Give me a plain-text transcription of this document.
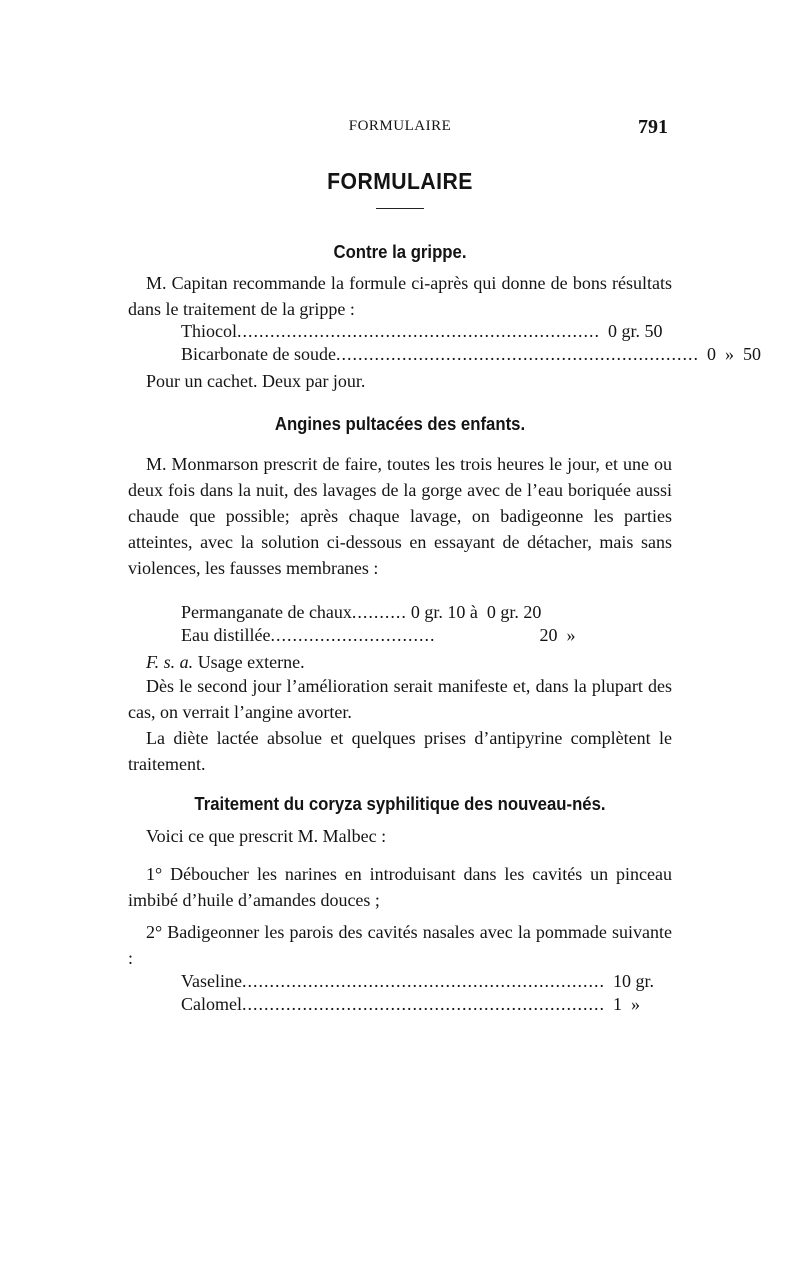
FORMULAIRE	791
FORMULAIRE
Contre la grippe.

M. Capitan recommande la formule ci-après qui donne de bons résultats dans le traitement de la grippe :

Thiocol .................................................................. 0 gr. 50
Bicarbonate de soude .................................................................. 0  »  50

Pour un cachet. Deux par jour.

Angines pultacées des enfants.

M. Monmarson prescrit de faire, toutes les trois heures le jour, et une ou deux fois dans la nuit, des lavages de la gorge avec de l’eau boriquée aussi chaude que possible; après chaque lavage, on badigeonne les parties atteintes, avec la solution ci-dessous en essayant de détacher, mais sans violences, les fausses membranes :

Permanganate de chaux .......... 0 gr. 10 à  0 gr. 20
Eau distillée ..............................	20  »

F. s. a. Usage externe.

Dès le second jour l’amélioration serait manifeste et, dans la plupart des cas, on verrait l’angine avorter.

La diète lactée absolue et quelques prises d’antipyrine complètent le traitement.

Traitement du coryza syphilitique des nouveau-nés.

Voici ce que prescrit M. Malbec :

1° Déboucher les narines en introduisant dans les cavités un pinceau imbibé d’huile d’amandes douces ;

2° Badigeonner les parois des cavités nasales avec la pommade suivante :

Vaseline .................................................................. 10 gr.
Calomel .................................................................. 1  »
